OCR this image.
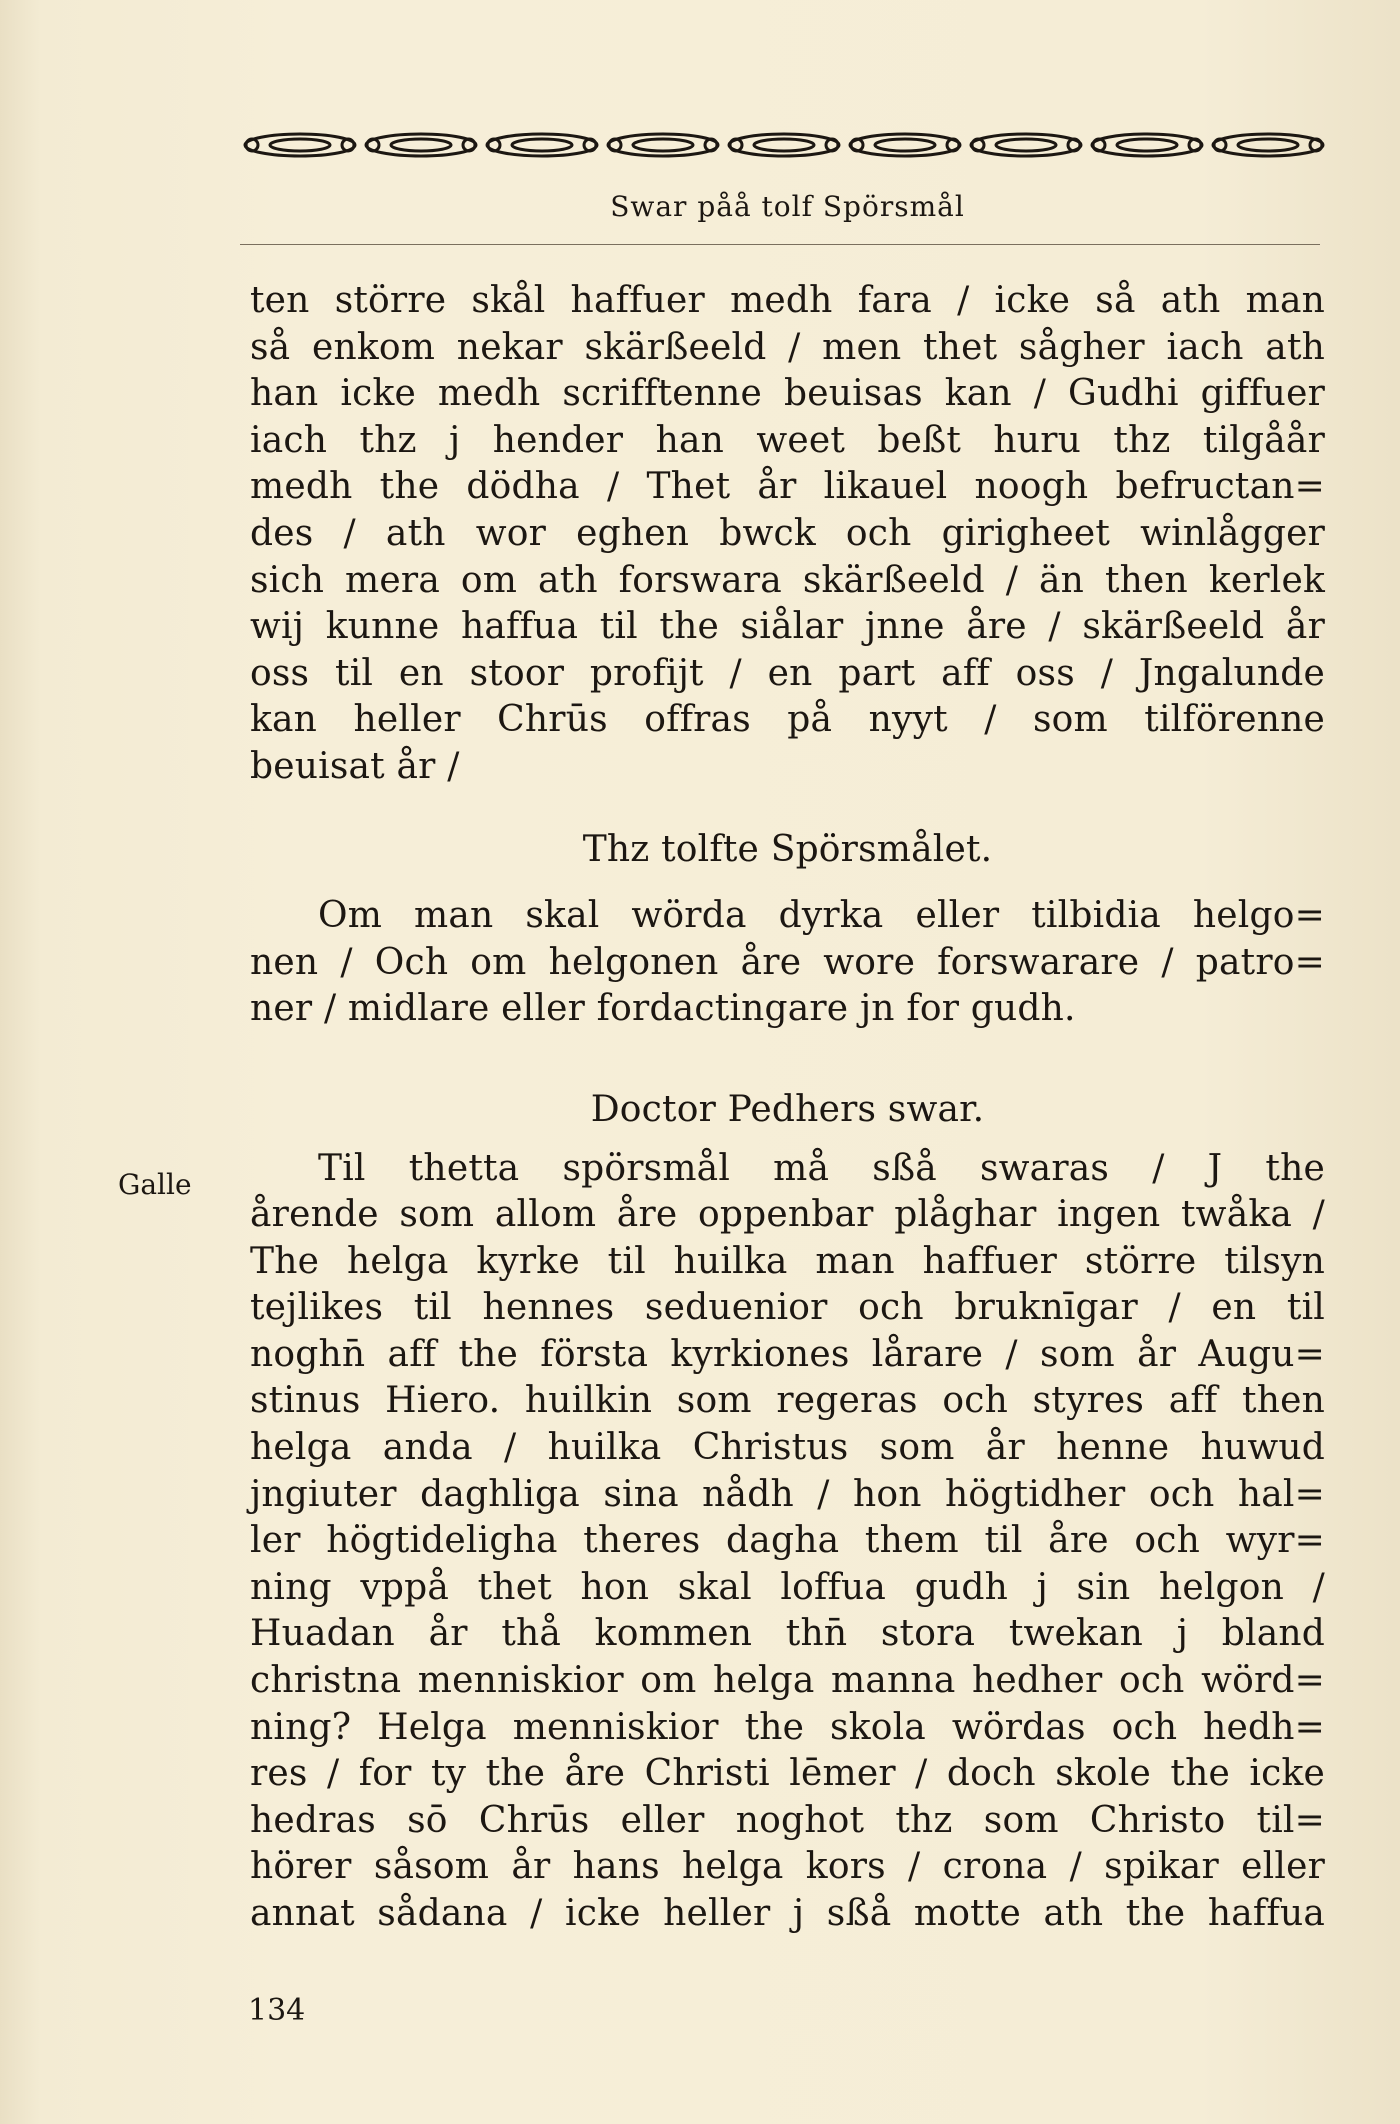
Swar påå tolf Spörsmål
Galle
ten större skål haffuer medh fara / icke så ath man
så enkom nekar skärßeeld / men thet sågher iach ath
han icke medh scrifftenne beuisas kan / Gudhi giffuer
iach thz j hender han weet beßt huru thz tilgåår
medh the dödha / Thet år likauel noogh befructan=
des / ath wor eghen bwck och girigheet winlågger
sich mera om ath forswara skärßeeld / än then kerlek
wij kunne haffua til the siålar jnne åre / skärßeeld år
oss til en stoor profijt / en part aff oss / Jngalunde
kan heller Chrūs offras på nyyt / som tilförenne
beuisat år /
Thz tolfte Spörsmålet.
Om man skal wörda dyrka eller tilbidia helgo=
nen / Och om helgonen åre wore forswarare / patro=
ner / midlare eller fordactingare jn for gudh.
Doctor Pedhers swar.
Til thetta spörsmål må sßå swaras / J the
årende som allom åre oppenbar plåghar ingen twåka /
The helga kyrke til huilka man haffuer större tilsyn
tejlikes til hennes seduenior och bruknīgar / en til
noghn̄ aff the första kyrkiones lårare / som år Augu=
stinus Hiero. huilkin som regeras och styres aff then
helga anda / huilka Christus som år henne huwud
jngiuter daghliga sina nådh / hon högtidher och hal=
ler högtideligha theres dagha them til åre och wyr=
ning vppå thet hon skal loffua gudh j sin helgon /
Huadan år thå kommen thn̄ stora twekan j bland
christna menniskior om helga manna hedher och wörd=
ning? Helga menniskior the skola wördas och hedh=
res / for ty the åre Christi lēmer / doch skole the icke
hedras sō Chrūs eller noghot thz som Christo til=
hörer såsom år hans helga kors / crona / spikar eller
annat sådana / icke heller j sßå motte ath the haffua
134
